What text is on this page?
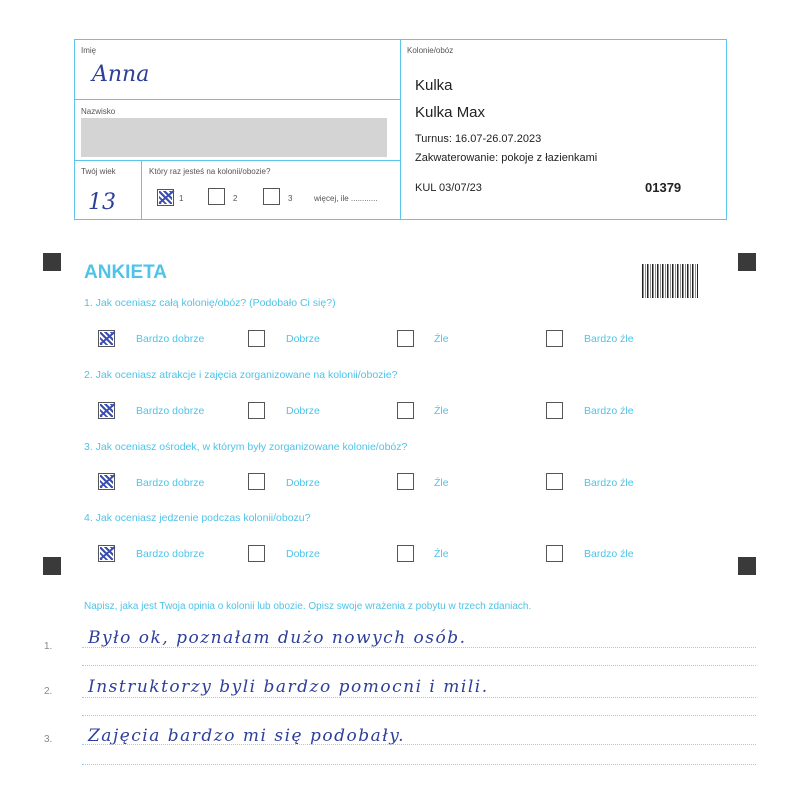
Imię
Anna
Nazwisko
Twój wiek
13
Który raz jesteś na kolonii/obozie?
1	2	3	więcej, ile ............
Kolonie/obóz
Kulka
Kulka Max
Turnus: 16.07-26.07.2023
Zakwaterowanie: pokoje z łazienkami
KUL 03/07/23	01379
ANKIETA
1. Jak oceniasz całą kolonię/obóz? (Podobało Ci się?)
Bardzo dobrze	Dobrze	Źle	Bardzo źle
2. Jak oceniasz atrakcje i zajęcia zorganizowane na kolonii/obozie?
Bardzo dobrze	Dobrze	Źle	Bardzo źle
3. Jak oceniasz ośrodek, w którym były zorganizowane kolonie/obóz?
Bardzo dobrze	Dobrze	Źle	Bardzo źle
4. Jak oceniasz jedzenie podczas kolonii/obozu?
Bardzo dobrze	Dobrze	Źle	Bardzo źle
Napisz, jaka jest Twoja opinia o kolonii lub obozie. Opisz swoje wrażenia z pobytu w trzech zdaniach.
1. Było ok, poznałam dużo nowych osób.
2. Instruktorzy byli bardzo pomocni i mili.
3. Zajęcia bardzo mi się podobały.
